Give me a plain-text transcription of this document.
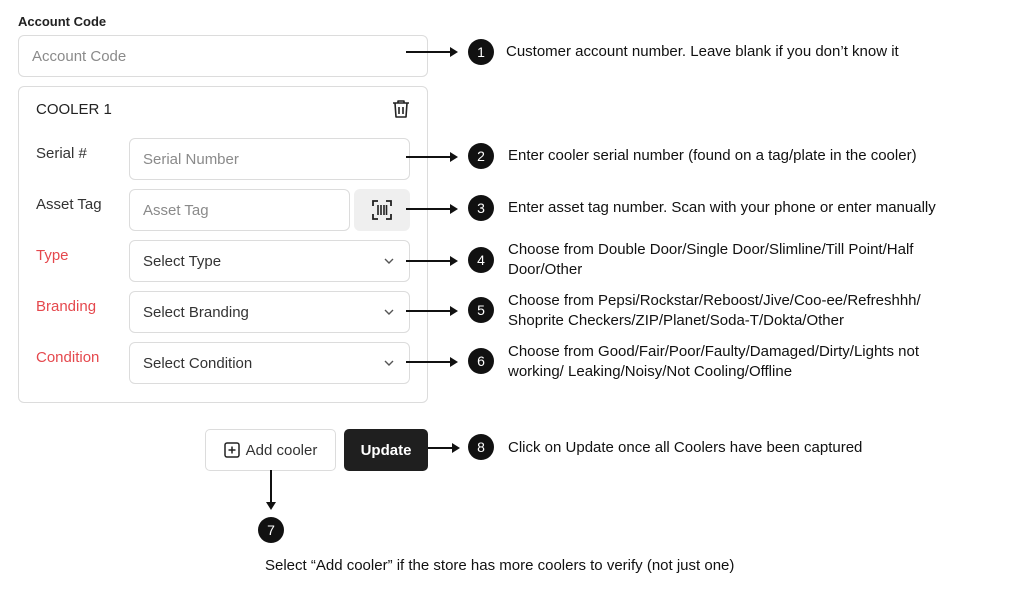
Account Code
Account Code
COOLER 1
Serial #	Serial Number
Asset Tag	Asset Tag
Type	Select Type
Branding	Select Branding
Condition	Select Condition
Add cooler	Update
1
2
3
4
5
6
7
8
Customer account number. Leave blank if you don’t know it
Enter cooler serial number (found on a tag/plate in the cooler)
Enter asset tag number. Scan with your phone or enter manually
Choose from Double Door/Single Door/Slimline/Till Point/Half Door/Other
Choose from Pepsi/Rockstar/Reboost/Jive/Coo-ee/Refreshhh/ Shoprite Checkers/ZIP/Planet/Soda-T/Dokta/Other
Choose from Good/Fair/Poor/Faulty/Damaged/Dirty/Lights not working/ Leaking/Noisy/Not Cooling/Offline
Click on Update once all Coolers have been captured
Select “Add cooler” if the store has more coolers to verify (not just one)
